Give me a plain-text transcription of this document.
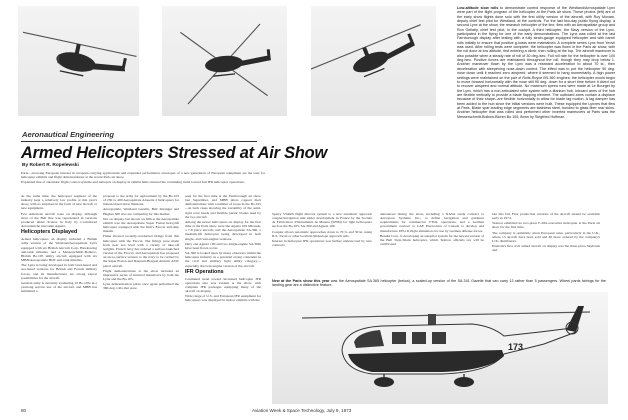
Low-altitude slow rolls to demonstrate control response of the Westland/Aerospatiale Lynx were part of the flight program of the helicopter at the Paris air show. These photos (left) are of the early show flights done solo with the first utility version of the aircraft, with Roy Moxam, deputy chief test pilot for Westland, at the controls. For the last two-day public flying display, a second Lynx at the show, the research helicopter of the line, flew with an Aerospatiale group and Ron Gellatly, chief test pilot, in the cockpit. A third helicopter, the Navy version of the Lynx, participated in the flying for one of the early demonstrations. The Lynx was rolled at the last Farnborough display after testing with a fully strain-gauge equipped helicopter and with barrel rolls initially to ensure that positive g-loads were maintained. A complete series Lynx from Yeovil was used. After rolling tests were complete, the helicopter was flown in the Paris air show, with the roll done at low altitude, first entering a climb, then rolling at the top. The aircraft maneuver is also possible when a steady rate of roll of 30 deg./sec. Full roll rate for the helicopter is over 100 deg./sec. Positive forces are maintained throughout the roll, though they may drop below 1. Another maneuver flown by the Lynx was a rearward acceleration to about 70 kt., then deceleration with steepening nose-down control. The effect was to put the helicopter 90 deg. nose down until it reached zero airspeed, where it seemed to hang momentarily. A high power settings were maintained on the pair of Rolls-Royce BS.360 engines; the helicopter would begin to move forward horizontally with the nose still 90 deg. down for a short time before it dived out to recover airspeed and normal attitude. No maximum speed runs were made at Le Bourget by the Lynx, which has a non-articulated rotor system with a titanium hub. Inboard arms of the hub are flexible vertically to provide a blade flapping element. The outboard arms contain a displace because of their shape--are flexible horizontally to allow for blade lag motion. A lag damper has been added to the hub since the initial versions were built. These equipped the Lynxes that flew at Paris. Blade spar leading edge segments are stainless steel, bonded to glass fiber rear skins. Another helicopter that was rolled and performed other inverted maneuvers at Paris was the Messerschmitt-Bolkow-Blohm Bo.105, flown by Siegfried Hoffman.
Aeronautical Engineering
Armed Helicopters Stressed at Air Show
By Robert R. Ropelewski

Paris—Growing European interest in weapons-carrying applications and expanded performance envelopes of a new generation of European equipment are the tone for helicopter exhibits and flight demonstrations at the recent Paris air show.

Expanded line of automatic flight control systems and turbojets on display in exhibit halls stressed the continuing trend toward full IFR helicopter operations.

At the same time, the helicopter segment of the industry kept a relatively low profile at this year's show, with no surprises in the form of new aircraft or new equipment.

Few American aircraft were on display, although most of the Bell line was represented in versions produced under license in Italy by Costruzioni Aeronautiche Giovanni Agusta.

Helicopters Displayed

Armed helicopters on display included a British army version of the Westland/Aerospatiale Lynx equipped with six British Aircraft Corp. Hawkswing anti-tank missiles, and a Messerschmitt-Bolkow-Blohm Bo.105 utility aircraft equipped with six MBB/Aerospatiale HOT anti-tank missiles.

The Lynx is being developed in both land-based and sea-based versions for British and French military forces, and its manufacturers are strong export possibilities for the aircraft.

German army is currently evaluating 10 Bo.105s in a yearlong service test of the aircraft, and MBB has submitted a

proposal to the army for replacement by the Bo.105 of 250 to 400 Aerospatiale Alouette 2 helicopters for liaison/observation missions.

Aerospatiale, Westland Gazelle, Bell Jetranger and Hughes 500 also are competing for this market.

Not on display, but shown on film at the Aerospatiale exhibit was the Aerospatiale Super Frelon heavylift helicopter equipped with the firm's Exocet anti-ship missile.

Films showed recently-conducted firings from this helicopter with the Exocet. The firings were made from near sea level with a variety of take-off weights. French navy has ordered a surface-launched version of the Exocet, and Aerospatiale has proposed an air-to-surface version to the navy to be carried by the Super Frelon and Dassault-Breguet Atlantic ASW patrol aircraft.

Flight demonstrations at the show included an impressive series of inverted maneuvers by both the Lynx and the Bo.105.

Lynx demonstration pilots once again performed the 360-deg. rolls that were

seen for the first time at the Farnborough air show last September, and MBB pilots capped their demonstrations with a number of loops in the Bo.105—in both cases showing the versatility of the semi-rigid rotor heads and flexible plastic blades used by the two aircraft.

Among the newer helicopters on display for the first time at the Paris show were the Agusta 109 Miranda, a 7-8 place aircraft, and the Aerospatiale SA.360, a medium-lift helicopter being developed in both single- and twin-engine versions.

Only one Agusta 109 and two single-engine SA.360s have been flown so far.

SA-360 is looked upon by many observers within the helicopter industry as a potential strong contender in the civil and military light utility category—especially the twin-engine version of the aircraft.

IFR Operations

Continued trend toward increased helicopter IFR operations also was evident at the show, with complete IFR packages equipping many of the aircraft on display.

Wide range of U.S. and European IFR equipment for helicopters was displayed in indoor exhibits with the

Sperry STARS flight director system to a new automatic approach coupler/navigation unit under development in France by the Societe de Fabrication d'Instruments de Mesure (SFIM) for light helicopters such as the Bo.105, SA-360 and Agusta 109.

Coupler allows automatic approaches down to 70 ft. and 30 kt. using ILS, Tacan or other localizer/glideslope approach aids.

Interest in helicopter IFR operations was further underscored by new contracts

announced during the show, including a NASA study contract to Aerospace Systems, Inc., to define navigation and guidance requirements for commercial VTOL operations, and a German government contract to CAE Electronics of Canada to develop and manufacture UH-1D flight simulators for use by German defense forces.

Bendix Corp. is developing an autopilot system for the newest version of the Bell Twin-Shark helicopter, which Textron officials say will be certificated

late this fall. First production versions of the aircraft should be available early in 1974.

Textron exhibited its two-place F-28A executive helicopter at the Paris air show for the first time.

The company is optimistic about European sales, particularly in the U.K., where 15 aircraft have been sold and 40 more ordered by the company's U.K. distributors.

Enstrom's first civil armed aircraft on display was the three-place Skyhawk and

New at the Paris show this year was the Aerospatiale SA.365 helicopter (below), a scaled-up version of the SA.341 Gazelle that can carry 13 rather than 5 passengers. Wheel pants fairings for the landing gear are a distinctive feature.
173
80	Aviation Week & Space Technology, July 9, 1973
